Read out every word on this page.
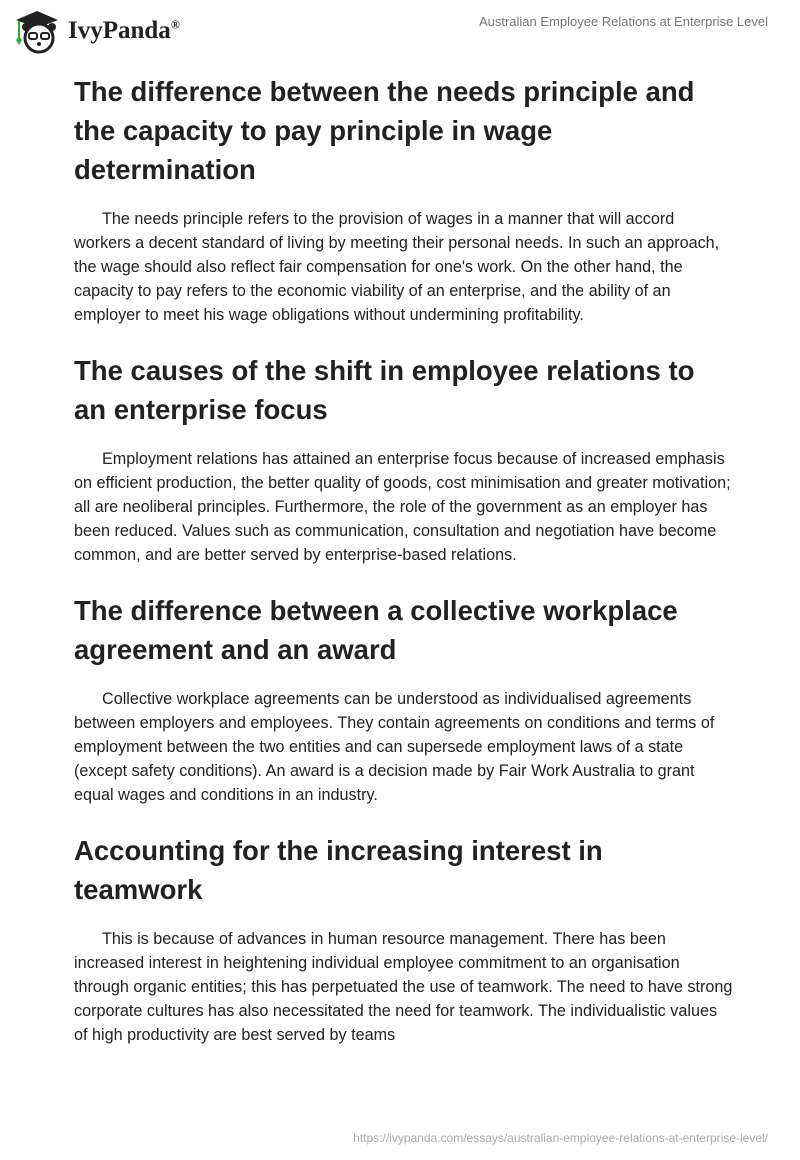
IvyPanda®	Australian Employee Relations at Enterprise Level
The difference between the needs principle and the capacity to pay principle in wage determination

The needs principle refers to the provision of wages in a manner that will accord workers a decent standard of living by meeting their personal needs. In such an approach, the wage should also reflect fair compensation for one's work. On the other hand, the capacity to pay refers to the economic viability of an enterprise, and the ability of an employer to meet his wage obligations without undermining profitability.

The causes of the shift in employee relations to an enterprise focus

Employment relations has attained an enterprise focus because of increased emphasis on efficient production, the better quality of goods, cost minimisation and greater motivation; all are neoliberal principles. Furthermore, the role of the government as an employer has been reduced. Values such as communication, consultation and negotiation have become common, and are better served by enterprise-based relations.

The difference between a collective workplace agreement and an award

Collective workplace agreements can be understood as individualised agreements between employers and employees. They contain agreements on conditions and terms of employment between the two entities and can supersede employment laws of a state (except safety conditions). An award is a decision made by Fair Work Australia to grant equal wages and conditions in an industry.

Accounting for the increasing interest in teamwork

This is because of advances in human resource management. There has been increased interest in heightening individual employee commitment to an organisation through organic entities; this has perpetuated the use of teamwork. The need to have strong corporate cultures has also necessitated the need for teamwork. The individualistic values of high productivity are best served by teams

https://ivypanda.com/essays/australian-employee-relations-at-enterprise-level/
